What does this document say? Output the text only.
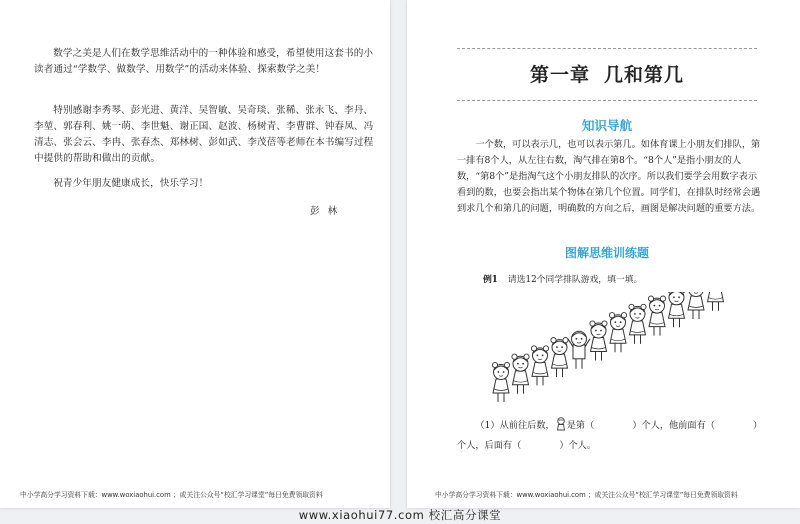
数学之美是人们在数学思维活动中的一种体验和感受，希望使用这套书的小读者通过“学数学、做数学、用数学”的活动来体验、探索数学之美！

特别感谢李秀琴、彭光进、黄洋、吴智敏、吴奇琰、张稀、张永飞、李丹、李堃、郭春利、姚一萌、李世魁、谢正国、赵波、杨树青、李曹群、钟春凤、冯清志、张会云、李冉、张春杰、郑林树、彭如武、李茂蓓等老师在本书编写过程中提供的帮助和做出的贡献。

祝青少年朋友健康成长，快乐学习！

彭林
中小学高分学习资料下载：www.woxiaohui.com ；或关注公众号“校汇学习课堂”每日免费领取资料
第一章 几和第几
知识导航

一个数，可以表示几，也可以表示第几。如体育课上小朋友们排队，第一排有8个人，从左往右数，淘气排在第8个。“8个人”是指小朋友的人数，“第8个”是指淘气这个小朋友排队的次序。所以我们要学会用数字表示看到的数，也要会指出某个物体在第几个位置。同学们，在排队时经常会遇到求几个和第几的问题，明确数的方向之后，画图是解决问题的重要方法。

图解思维训练题
例1 请选12个同学排队游戏，填一填。

（1）从前往后数， 是第（	）个人，他前面有（	）个人，后面有（	）个人。

中小学高分学习资料下载：www.woxiaohui.com ；或关注公众号“校汇学习课堂”每日免费领取资料
www.xiaohui77.com 校汇高分课堂
